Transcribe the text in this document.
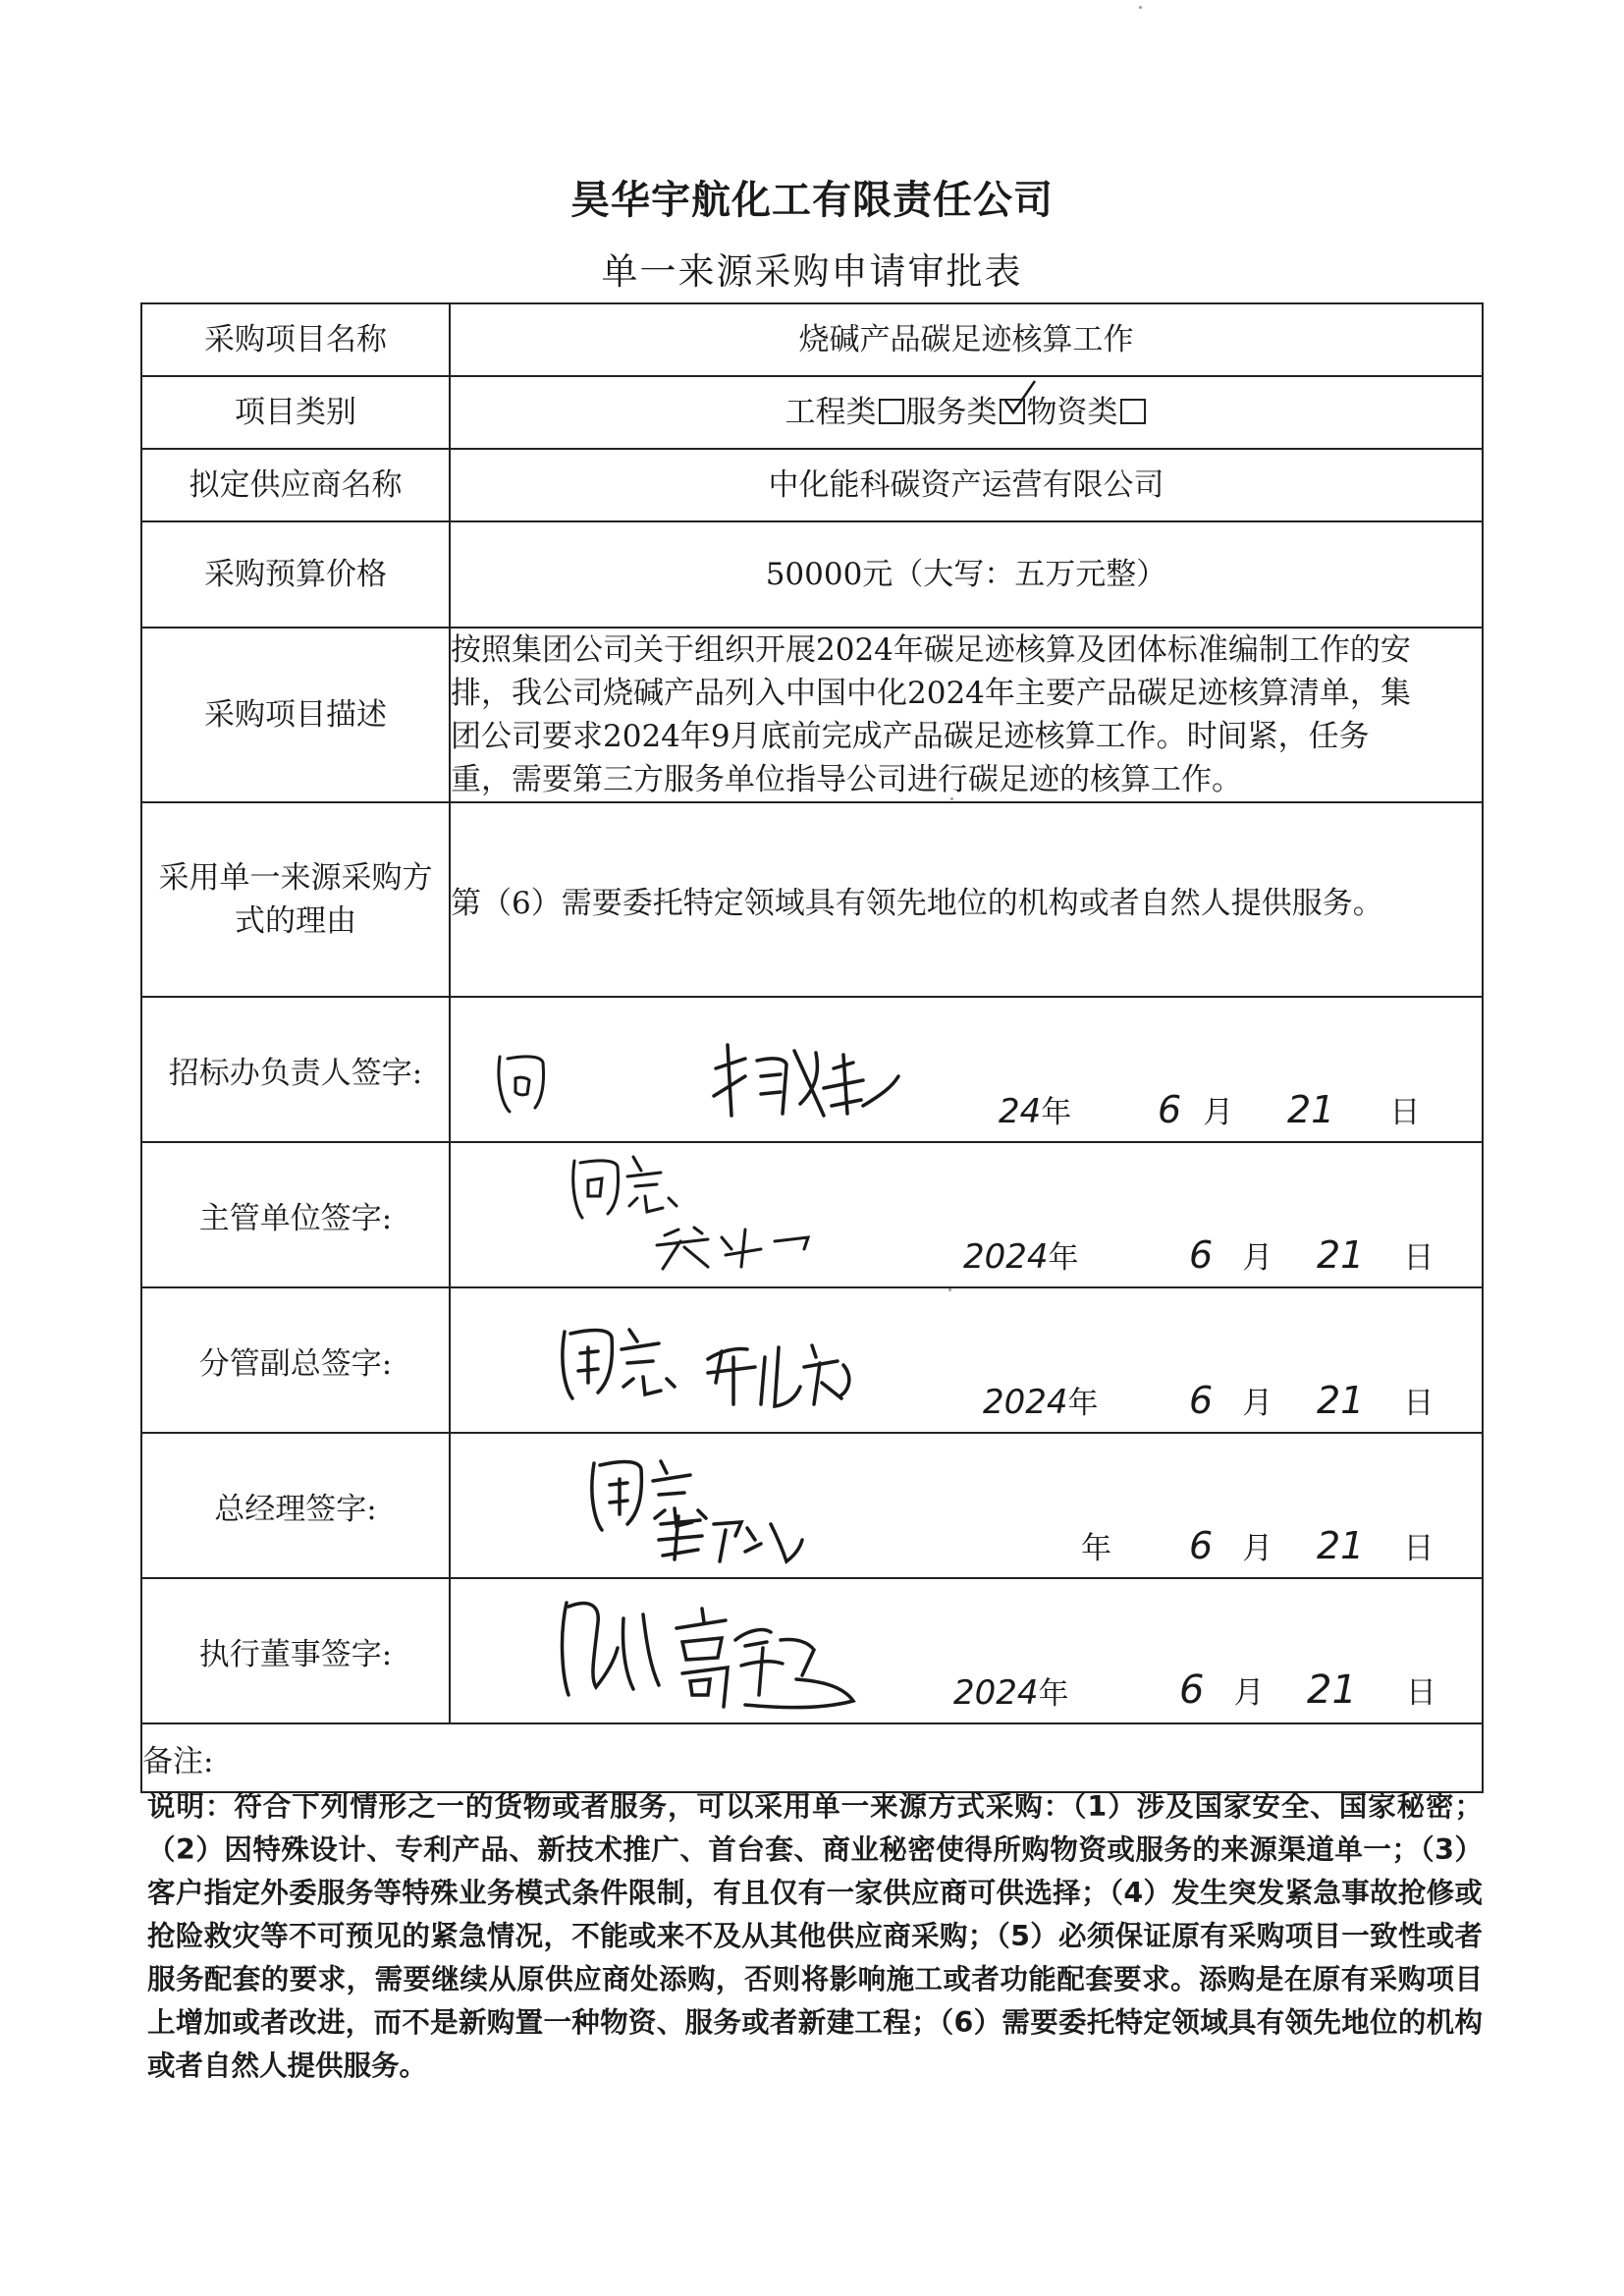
昊华宇航化工有限责任公司
单一来源采购申请审批表
采购项目名称	烧碱产品碳足迹核算工作
项目类别	工程类 服务类 物资类
拟定供应商名称	中化能科碳资产运营有限公司
采购预算价格	50000元（大写：五万元整）
采购项目描述	按照集团公司关于组织开展2024年碳足迹核算及团体标准编制工作的安
排，我公司烧碱产品列入中国中化2024年主要产品碳足迹核算清单，集
团公司要求2024年9月底前完成产品碳足迹核算工作。时间紧，任务
重，需要第三方服务单位指导公司进行碳足迹的核算工作。

采用单一来源采购方
式的理由	第（6）需要委托特定领域具有领先地位的机构或者自然人提供服务。
招标办负责人签字:	24年 6 月 21 日

主管单位签字:	2024年 6 月 21 日

分管副总签字:	2024年 6 月 21 日

总经理签字:	年 6 月 21 日

执行董事签字:	2024年 6 月 21 日

备注:	
说明：符合下列情形之一的货物或者服务，可以采用单一来源方式采购：（1）涉及国家安全、国家秘密；（2）因特殊设计、专利产品、新技术推广、首台套、商业秘密使得所购物资或服务的来源渠道单一；（3）客户指定外委服务等特殊业务模式条件限制，有且仅有一家供应商可供选择；（4）发生突发紧急事故抢修或抢险救灾等不可预见的紧急情况，不能或来不及从其他供应商采购；（5）必须保证原有采购项目一致性或者服务配套的要求，需要继续从原供应商处添购，否则将影响施工或者功能配套要求。添购是在原有采购项目上增加或者改进，而不是新购置一种物资、服务或者新建工程；（6）需要委托特定领域具有领先地位的机构或者自然人提供服务。
